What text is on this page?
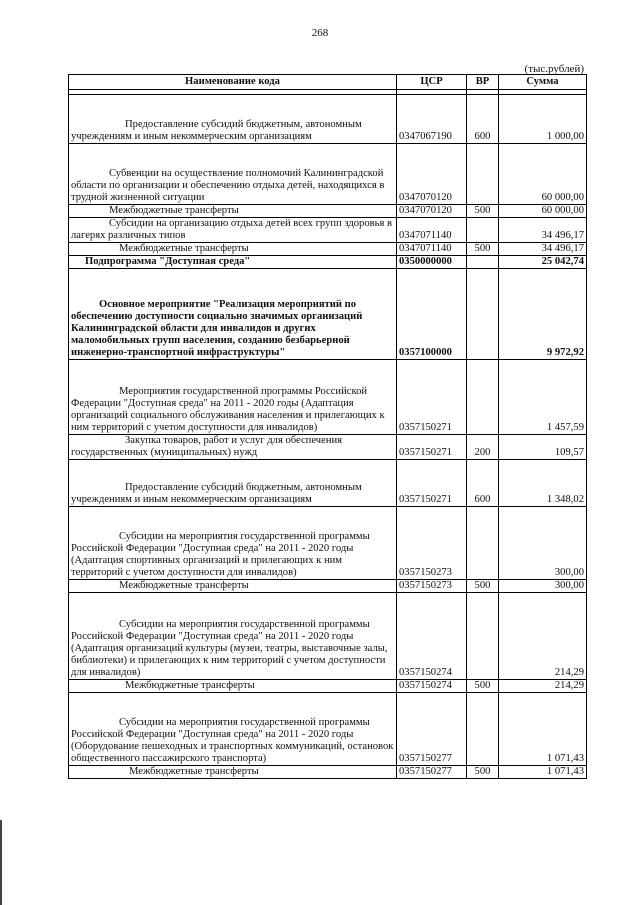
268
(тыс.рублей)
Наименование кода	ЦСР	ВР	Сумма

Предоставление субсидий бюджетным, автономным учреждениям и иным некоммерческим организациям	0347067190	600	1 000,00
Субвенции на осуществление полномочий Калининградской области по организации и обеспечению отдыха детей, находящихся в трудной жизненной ситуации	0347070120		60 000,00
Межбюджетные трансферты	0347070120	500	60 000,00
Субсидии на организацию отдыха детей всех групп здоровья в лагерях различных типов	0347071140		34 496,17
Межбюджетные трансферты	0347071140	500	34 496,17
Подпрограмма "Доступная среда"	0350000000		25 042,74
Основное мероприятие "Реализация мероприятий по обеспечению доступности социально значимых организаций Калининградской области для инвалидов и других маломобильных групп населения, созданию безбарьерной инженерно-транспортной инфраструктуры"	0357100000		9 972,92
Мероприятия государственной программы Российской Федерации "Доступная среда" на 2011 - 2020 годы (Адаптация организаций социального обслуживания населения и прилегающих к ним территорий с учетом доступности для инвалидов)	0357150271		1 457,59
Закупка товаров, работ и услуг для обеспечения государственных (муниципальных) нужд	0357150271	200	109,57
Предоставление субсидий бюджетным, автономным учреждениям и иным некоммерческим организациям	0357150271	600	1 348,02
Субсидии на мероприятия государственной программы Российской Федерации "Доступная среда" на 2011 - 2020 годы (Адаптация спортивных организаций и прилегающих к ним территорий с учетом доступности для инвалидов)	0357150273		300,00
Межбюджетные трансферты	0357150273	500	300,00
Субсидии на мероприятия государственной программы Российской Федерации "Доступная среда" на 2011 - 2020 годы (Адаптация организаций культуры (музеи, театры, выставочные залы, библиотеки) и прилегающих к ним территорий с учетом доступности для инвалидов)	0357150274		214,29
Межбюджетные трансферты	0357150274	500	214,29
Субсидии на мероприятия государственной программы Российской Федерации "Доступная среда" на 2011 - 2020 годы (Оборудование пешеходных и транспортных коммуникаций, остановок общественного пассажирского транспорта)	0357150277		1 071,43
Межбюджетные трансферты	0357150277	500	1 071,43
